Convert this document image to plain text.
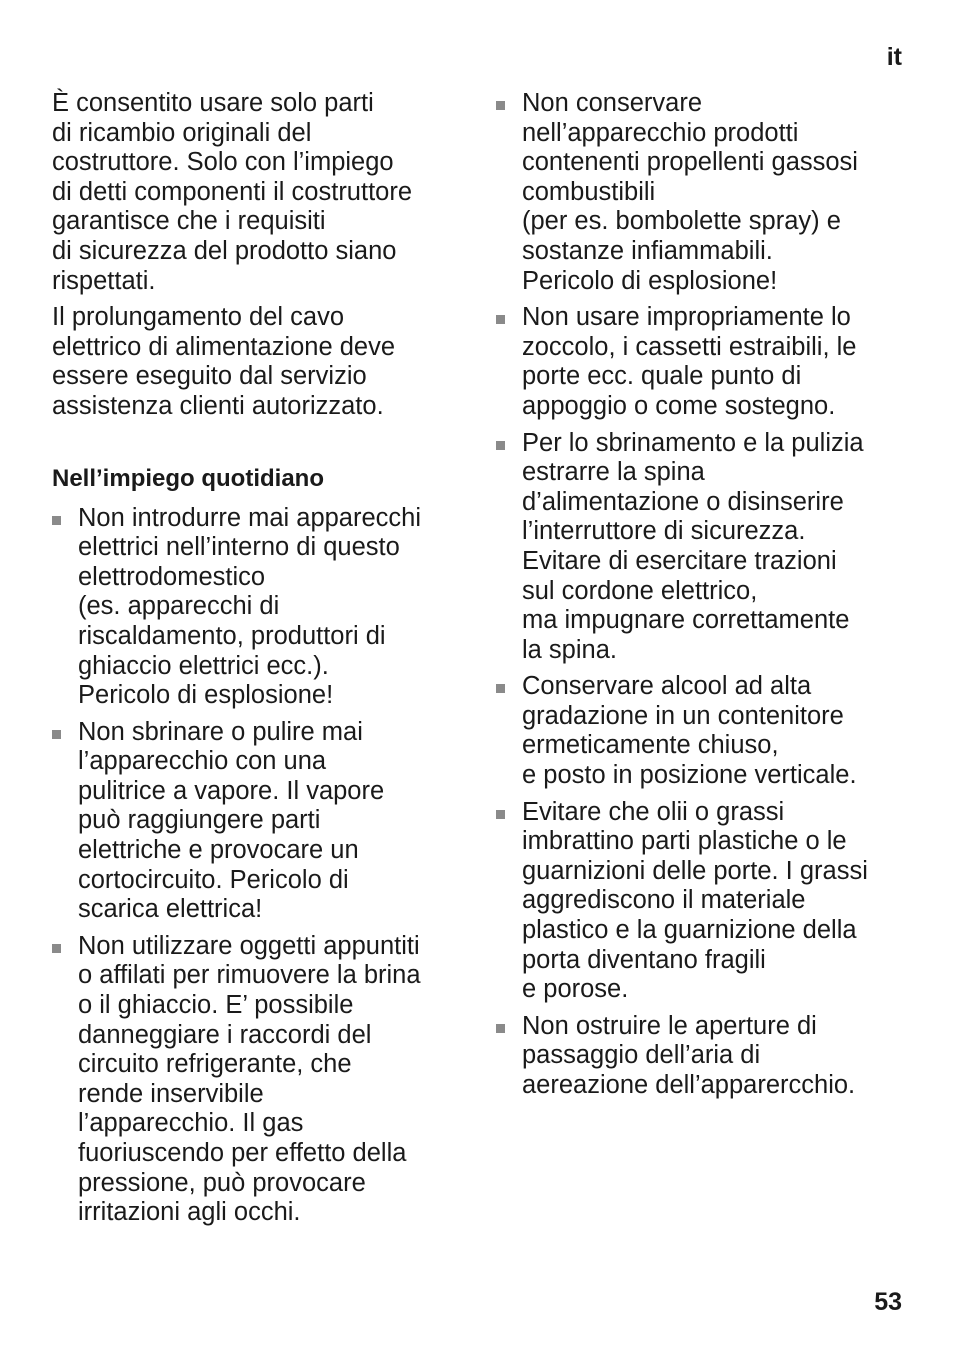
it

È consentito usare solo parti
di ricambio originali del
costruttore. Solo con l’impiego
di detti componenti il costruttore
garantisce che i requisiti
di sicurezza del prodotto siano
rispettati.

Il prolungamento del cavo
elettrico di alimentazione deve
essere eseguito dal servizio
assistenza clienti autorizzato.

Nell’impiego quotidiano
Non introdurre mai apparecchi
elettrici nell’interno di questo
elettrodomestico
(es. apparecchi di
riscaldamento, produttori di
ghiaccio elettrici ecc.).
Pericolo di esplosione!
Non sbrinare o pulire mai
l’apparecchio con una
pulitrice a vapore. Il vapore
può raggiungere parti
elettriche e provocare un
cortocircuito. Pericolo di
scarica elettrica!
Non utilizzare oggetti appuntiti
o affilati per rimuovere la brina
o il ghiaccio. E’ possibile
danneggiare i raccordi del
circuito refrigerante, che
rende inservibile
l’apparecchio. Il gas
fuoriuscendo per effetto della
pressione, può provocare
irritazioni agli occhi.
Non conservare
nell’apparecchio prodotti
contenenti propellenti gassosi
combustibili
(per es. bombolette spray) e
sostanze infiammabili.
Pericolo di esplosione!
Non usare impropriamente lo
zoccolo, i cassetti estraibili, le
porte ecc. quale punto di
appoggio o come sostegno.
Per lo sbrinamento e la pulizia
estrarre la spina
d’alimentazione o disinserire
l’interruttore di sicurezza.
Evitare di esercitare trazioni
sul cordone elettrico,
ma impugnare correttamente
la spina.
Conservare alcool ad alta
gradazione in un contenitore
ermeticamente chiuso,
e posto in posizione verticale.
Evitare che olii o grassi
imbrattino parti plastiche o le
guarnizioni delle porte. I grassi
aggrediscono il materiale
plastico e la guarnizione della
porta diventano fragili
e porose.
Non ostruire le aperture di
passaggio dell’aria di
aereazione dell’apparercchio.
53
